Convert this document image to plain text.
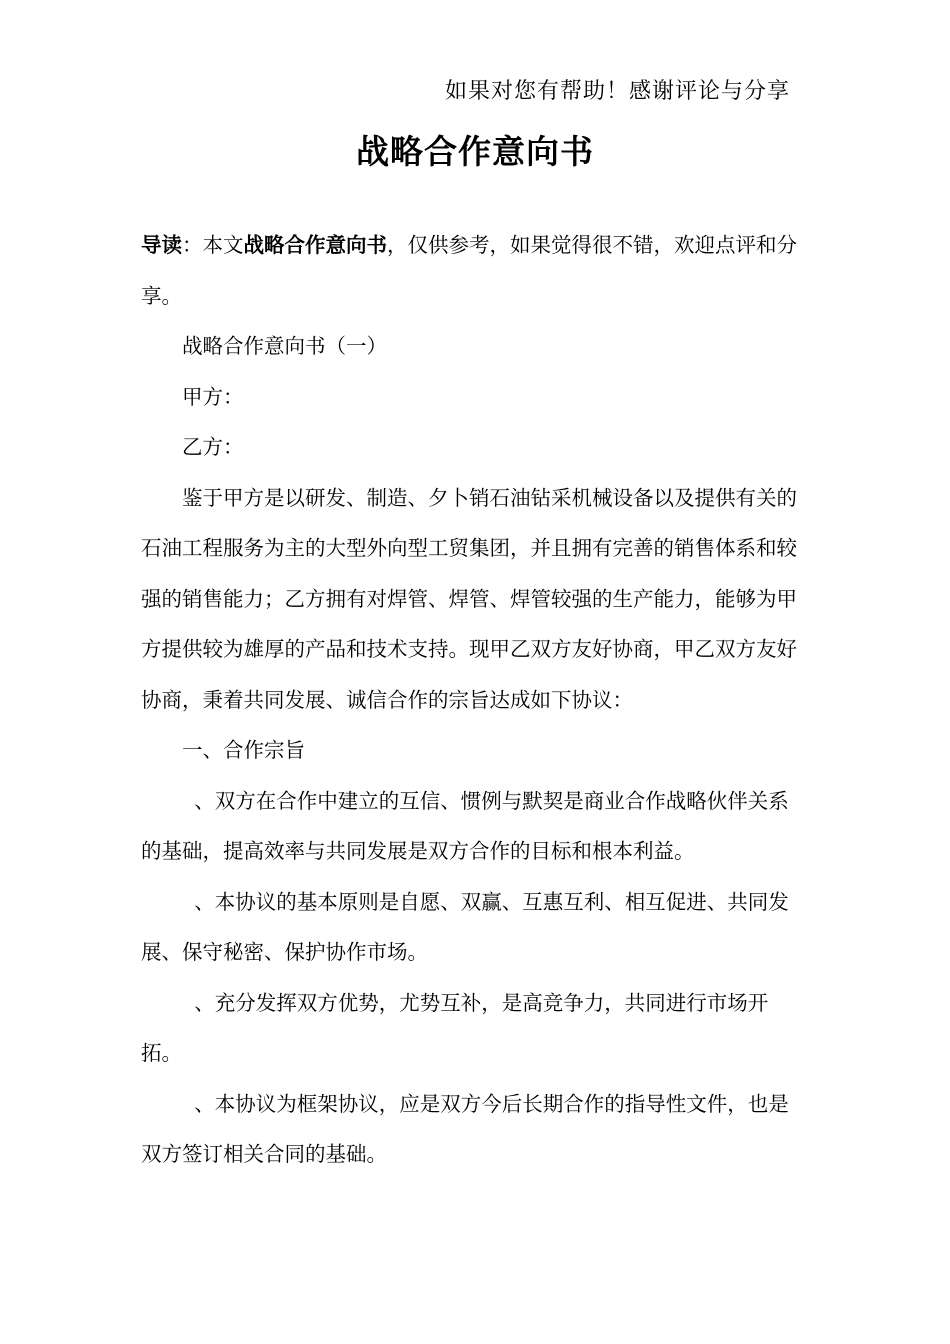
如果对您有帮助！感谢评论与分享
战略合作意向书

导读：本文战略合作意向书，仅供参考，如果觉得很不错，欢迎点评和分享。

战略合作意向书（一）

甲方：

乙方：

鉴于甲方是以研发、制造、夕卜销石油钻采机械设备以及提供有关的石油工程服务为主的大型外向型工贸集团，并且拥有完善的销售体系和较强的销售能力；乙方拥有对焊管、焊管、焊管较强的生产能力，能够为甲方提供较为雄厚的产品和技术支持。现甲乙双方友好协商，甲乙双方友好协商，秉着共同发展、诚信合作的宗旨达成如下协议：

一、合作宗旨

、双方在合作中建立的互信、惯例与默契是商业合作战略伙伴关系的基础，提高效率与共同发展是双方合作的目标和根本利益。

、本协议的基本原则是自愿、双赢、互惠互利、相互促进、共同发展、保守秘密、保护协作市场。

、充分发挥双方优势，尤势互补，是高竞争力，共同进行市场开拓。

、本协议为框架协议，应是双方今后长期合作的指导性文件，也是双方签订相关合同的基础。
